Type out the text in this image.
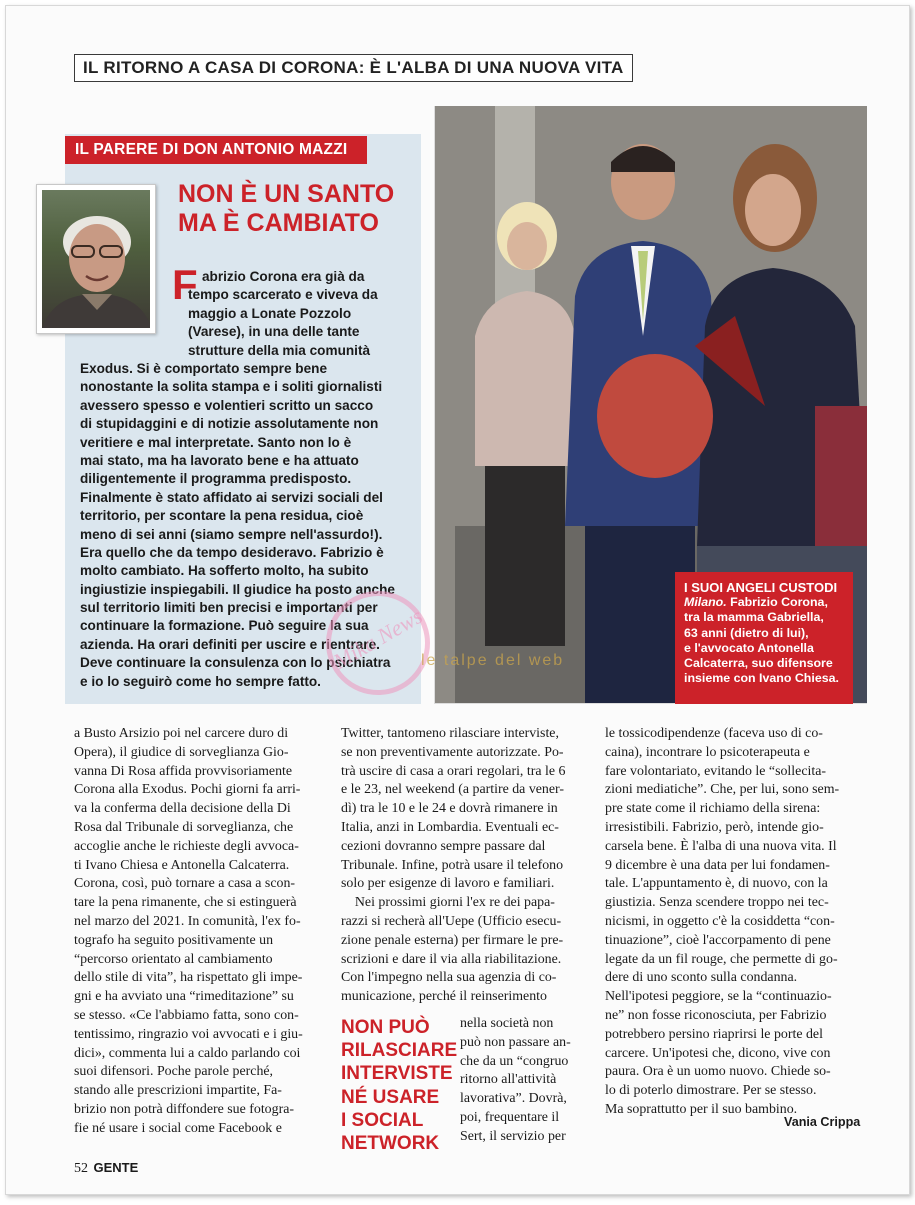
IL RITORNO A CASA DI CORONA: È L'ALBA DI UNA NUOVA VITA
IL PARERE DI DON ANTONIO MAZZI
NON È UN SANTO
MA È CAMBIATO
F abrizio Corona era già da
tempo scarcerato e viveva da
maggio a Lonate Pozzolo
(Varese), in una delle tante
strutture della mia comunità
Exodus. Si è comportato sempre bene
nonostante la solita stampa e i soliti giornalisti
avessero spesso e volentieri scritto un sacco
di stupidaggini e di notizie assolutamente non
veritiere e mal interpretate. Santo non lo è
mai stato, ma ha lavorato bene e ha attuato
diligentemente il programma predisposto.
Finalmente è stato affidato ai servizi sociali del
territorio, per scontare la pena residua, cioè
meno di sei anni (siamo sempre nell'assurdo!).
Era quello che da tempo desideravo. Fabrizio è
molto cambiato. Ha sofferto molto, ha subito
ingiustizie inspiegabili. Il giudice ha posto anche
sul territorio limiti ben precisi e importanti per
continuare la formazione. Può seguire la sua
azienda. Ha orari definiti per uscire e rientrare.
Deve continuare la consulenza con lo psichiatra
e io lo seguirò come ho sempre fatto.
I SUOI ANGELI CUSTODI
Milano. Fabrizio Corona,
tra la mamma Gabriella,
63 anni (dietro di lui),
e l'avvocato Antonella
Calcaterra, suo difensore
insieme con Ivano Chiesa.
Mika News
le talpe del web
a Busto Arsizio poi nel carcere duro di
Opera), il giudice di sorveglianza Gio-
vanna Di Rosa affida provvisoriamente
Corona alla Exodus. Pochi giorni fa arri-
va la conferma della decisione della Di
Rosa dal Tribunale di sorveglianza, che
accoglie anche le richieste degli avvoca-
ti Ivano Chiesa e Antonella Calcaterra.
Corona, così, può tornare a casa a scon-
tare la pena rimanente, che si estinguerà
nel marzo del 2021. In comunità, l'ex fo-
tografo ha seguito positivamente un
“percorso orientato al cambiamento
dello stile di vita”, ha rispettato gli impe-
gni e ha avviato una “rimeditazione” su
se stesso. «Ce l'abbiamo fatta, sono con-
tentissimo, ringrazio voi avvocati e i giu-
dici», commenta lui a caldo parlando coi
suoi difensori. Poche parole perché,
stando alle prescrizioni impartite, Fa-
brizio non potrà diffondere sue fotogra-
fie né usare i social come Facebook e
Twitter, tantomeno rilasciare interviste,
se non preventivamente autorizzate. Po-
trà uscire di casa a orari regolari, tra le 6
e le 23, nel weekend (a partire da vener-
dì) tra le 10 e le 24 e dovrà rimanere in
Italia, anzi in Lombardia. Eventuali ec-
cezioni dovranno sempre passare dal
Tribunale. Infine, potrà usare il telefono
solo per esigenze di lavoro e familiari.
 Nei prossimi giorni l'ex re dei papa-
razzi si recherà all'Uepe (Ufficio esecu-
zione penale esterna) per firmare le pre-
scrizioni e dare il via alla riabilitazione.
Con l'impegno nella sua agenzia di co-
municazione, perché il reinserimento
nella società non
può non passare an-
che da un “congruo
ritorno all'attività
lavorativa”. Dovrà,
poi, frequentare il
Sert, il servizio per
NON PUÒ
RILASCIARE
INTERVISTE
NÉ USARE
I SOCIAL
NETWORK
le tossicodipendenze (faceva uso di co-
caina), incontrare lo psicoterapeuta e
fare volontariato, evitando le “sollecita-
zioni mediatiche”. Che, per lui, sono sem-
pre state come il richiamo della sirena:
irresistibili. Fabrizio, però, intende gio-
carsela bene. È l'alba di una nuova vita. Il
9 dicembre è una data per lui fondamen-
tale. L'appuntamento è, di nuovo, con la
giustizia. Senza scendere troppo nei tec-
nicismi, in oggetto c'è la cosiddetta “con-
tinuazione”, cioè l'accorpamento di pene
legate da un fil rouge, che permette di go-
dere di uno sconto sulla condanna.
Nell'ipotesi peggiore, se la “continuazio-
ne” non fosse riconosciuta, per Fabrizio
potrebbero persino riaprirsi le porte del
carcere. Un'ipotesi che, dicono, vive con
paura. Ora è un uomo nuovo. Chiede so-
lo di poterlo dimostrare. Per se stesso.
Ma soprattutto per il suo bambino.
Vania Crippa
52 GENTE
